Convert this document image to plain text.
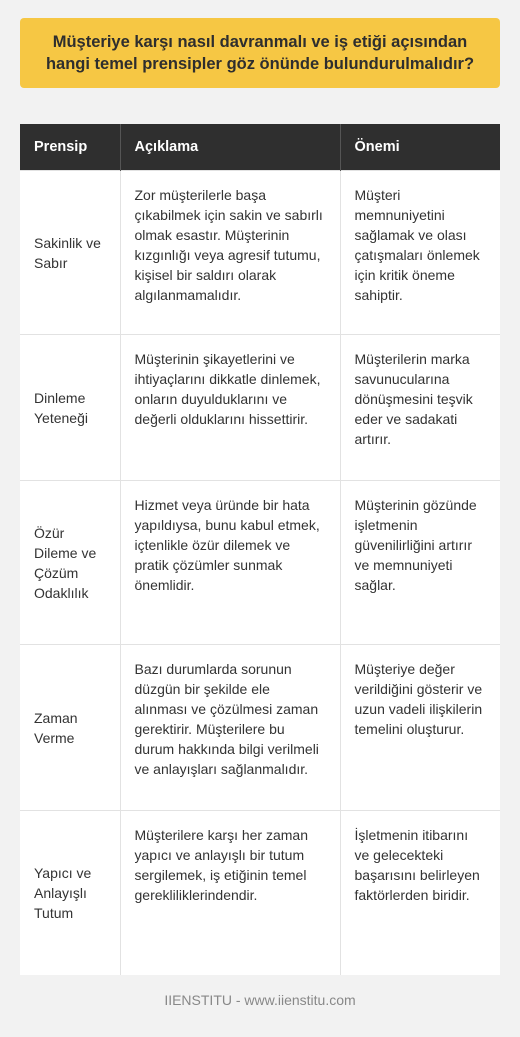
Müşteriye karşı nasıl davranmalı ve iş etiği açısından hangi temel prensipler göz önünde bulundurulmalıdır?
Prensip	Açıklama	Önemi
Sakinlik ve Sabır	Zor müşterilerle başa çıkabilmek için sakin ve sabırlı olmak esastır. Müşterinin kızgınlığı veya agresif tutumu, kişisel bir saldırı olarak algılanmamalıdır.	Müşteri memnuniyetini sağlamak ve olası çatışmaları önlemek için kritik öneme sahiptir.
Dinleme Yeteneği	Müşterinin şikayetlerini ve ihtiyaçlarını dikkatle dinlemek, onların duyulduklarını ve değerli olduklarını hissettirir.	Müşterilerin marka savunucularına dönüşmesini teşvik eder ve sadakati artırır.
Özür Dileme ve Çözüm Odaklılık	Hizmet veya üründe bir hata yapıldıysa, bunu kabul etmek, içtenlikle özür dilemek ve pratik çözümler sunmak önemlidir.	Müşterinin gözünde işletmenin güvenilirliğini artırır ve memnuniyeti sağlar.
Zaman Verme	Bazı durumlarda sorunun düzgün bir şekilde ele alınması ve çözülmesi zaman gerektirir. Müşterilere bu durum hakkında bilgi verilmeli ve anlayışları sağlanmalıdır.	Müşteriye değer verildiğini gösterir ve uzun vadeli ilişkilerin temelini oluşturur.
Yapıcı ve Anlayışlı Tutum	Müşterilere karşı her zaman yapıcı ve anlayışlı bir tutum sergilemek, iş etiğinin temel gerekliliklerindendir.	İşletmenin itibarını ve gelecekteki başarısını belirleyen faktörlerden biridir.
IIENSTITU - www.iienstitu.com
